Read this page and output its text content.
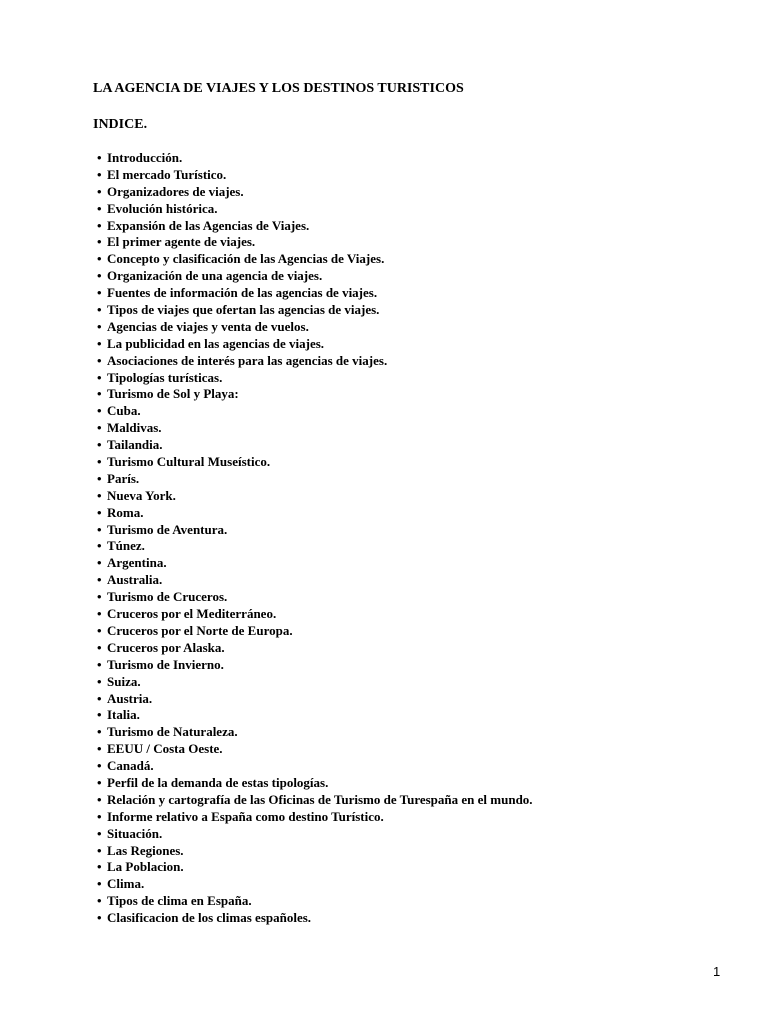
LA AGENCIA DE VIAJES Y LOS DESTINOS TURISTICOS

INDICE.

• Introducción.
• El mercado Turístico.
• Organizadores de viajes.
• Evolución histórica.
• Expansión de las Agencias de Viajes.
• El primer agente de viajes.
• Concepto y clasificación de las Agencias de Viajes.
• Organización de una agencia de viajes.
• Fuentes de información de las agencias de viajes.
• Tipos de viajes que ofertan las agencias de viajes.
• Agencias de viajes y venta de vuelos.
• La publicidad en las agencias de viajes.
• Asociaciones de interés para las agencias de viajes.
• Tipologías turísticas.
• Turismo de Sol y Playa:
• Cuba.
• Maldivas.
• Tailandia.
• Turismo Cultural Museístico.
• París.
• Nueva York.
• Roma.
• Turismo de Aventura.
• Túnez.
• Argentina.
• Australia.
• Turismo de Cruceros.
• Cruceros por el Mediterráneo.
• Cruceros por el Norte de Europa.
• Cruceros por Alaska.
• Turismo de Invierno.
• Suiza.
• Austria.
• Italia.
• Turismo de Naturaleza.
• EEUU / Costa Oeste.
• Canadá.
• Perfil de la demanda de estas tipologías.
• Relación y cartografía de las Oficinas de Turismo de Turespaña en el mundo.
• Informe relativo a España como destino Turístico.
• Situación.
• Las Regiones.
• La Poblacion.
• Clima.
• Tipos de clima en España.
• Clasificacion de los climas españoles.
1
